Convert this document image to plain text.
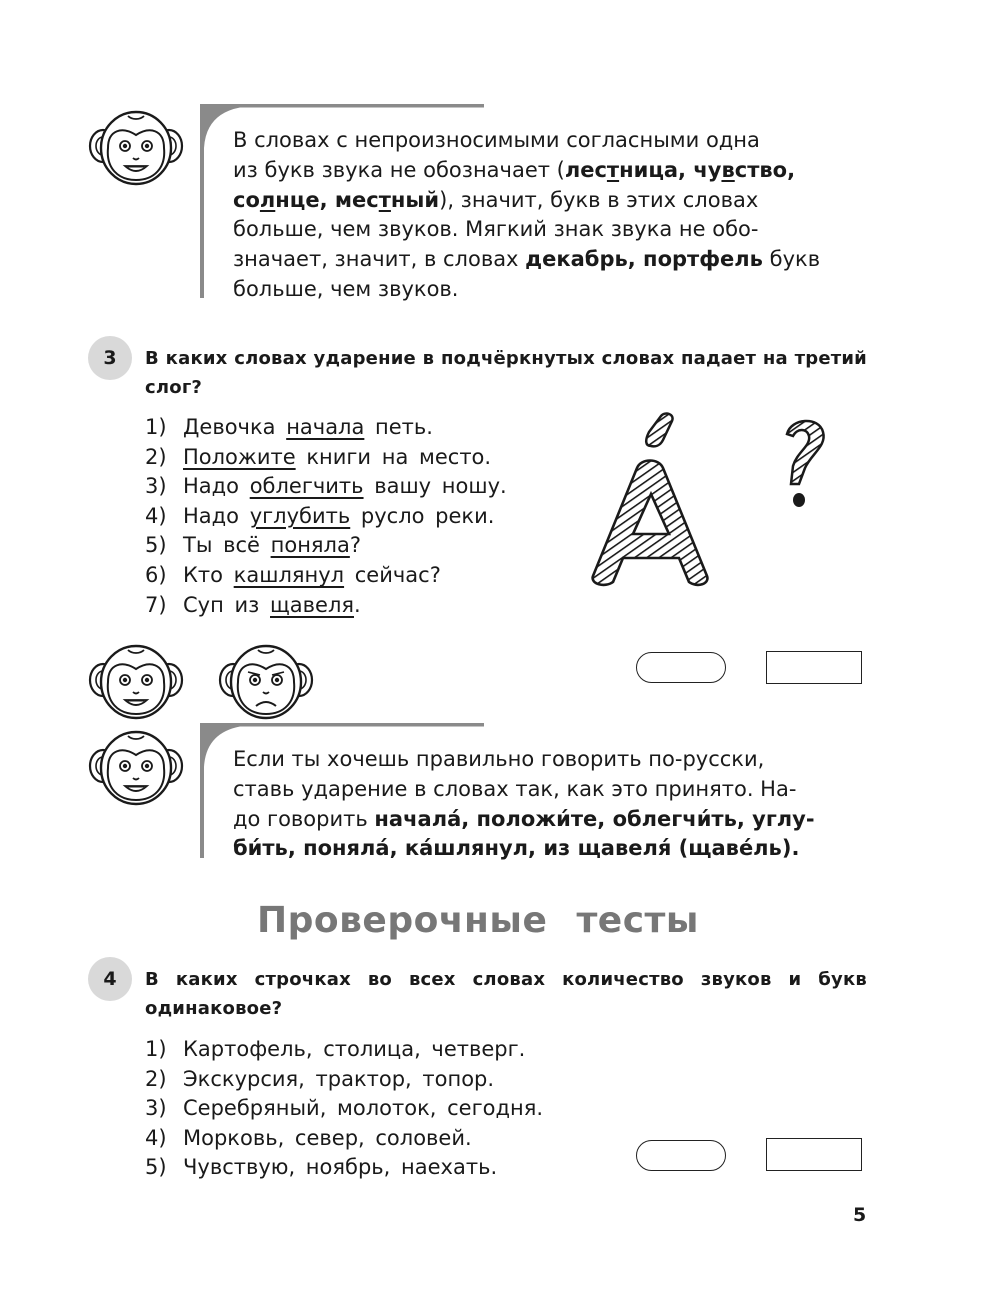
В словах с непроизносимыми согласными одна
из букв звука не обозначает (лестница, чувство,
солнце, местный), значит, букв в этих словах
больше, чем звуков. Мягкий знак звука не обо-
значает, значит, в словах декабрь, портфель букв
больше, чем звуков.
3	В каких словах ударение в подчёркнутых словах падает на третий слог?
1) Девочка начала петь.
2) Положите книги на место.
3) Надо облегчить вашу ношу.
4) Надо углубить русло реки.
5) Ты всё поняла?
6) Кто кашлянул сейчас?
7) Суп из щавеля.
Если ты хочешь правильно говорить по-русски,
ставь ударение в словах так, как это принято. На-
до говорить начала́, положи́те, облегчи́ть, углу-
би́ть, поняла́, ка́шлянул, из щавеля́ (щаве́ль).
Проверочные тесты
4	В каких строчках во всех словах количество звуков и букв одинаковое?
1) Картофель, столица, четверг.
2) Экскурсия, трактор, топор.
3) Серебряный, молоток, сегодня.
4) Морковь, север, соловей.
5) Чувствую, ноябрь, наехать.
5
